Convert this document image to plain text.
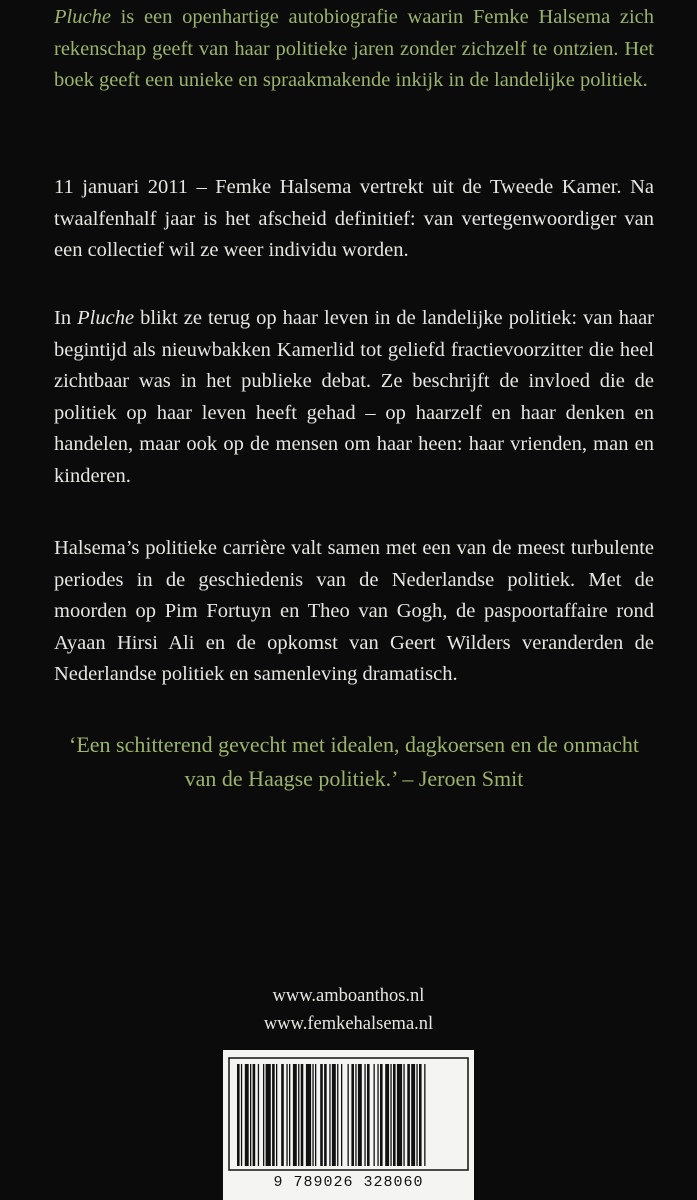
Pluche is een openhartige autobiografie waarin Femke Halsema zich rekenschap geeft van haar politieke jaren zonder zichzelf te ontzien. Het boek geeft een unieke en spraakmakende inkijk in de landelijke politiek.
11 januari 2011 – Femke Halsema vertrekt uit de Tweede Kamer. Na twaalfenhalf jaar is het afscheid definitief: van vertegenwoordiger van een collectief wil ze weer individu worden.
In Pluche blikt ze terug op haar leven in de landelijke politiek: van haar begintijd als nieuwbakken Kamerlid tot geliefd fractievoorzitter die heel zichtbaar was in het publieke debat. Ze beschrijft de invloed die de politiek op haar leven heeft gehad – op haarzelf en haar denken en handelen, maar ook op de mensen om haar heen: haar vrienden, man en kinderen.
Halsema’s politieke carrière valt samen met een van de meest turbulente periodes in de geschiedenis van de Nederlandse politiek. Met de moorden op Pim Fortuyn en Theo van Gogh, de paspoortaffaire rond Ayaan Hirsi Ali en de opkomst van Geert Wilders veranderden de Nederlandse politiek en samenleving dramatisch.
‘Een schitterend gevecht met idealen, dagkoersen en de onmacht van de Haagse politiek.’ – Jeroen Smit
www.amboanthos.nl
www.femkehalsema.nl
9 789026 328060
